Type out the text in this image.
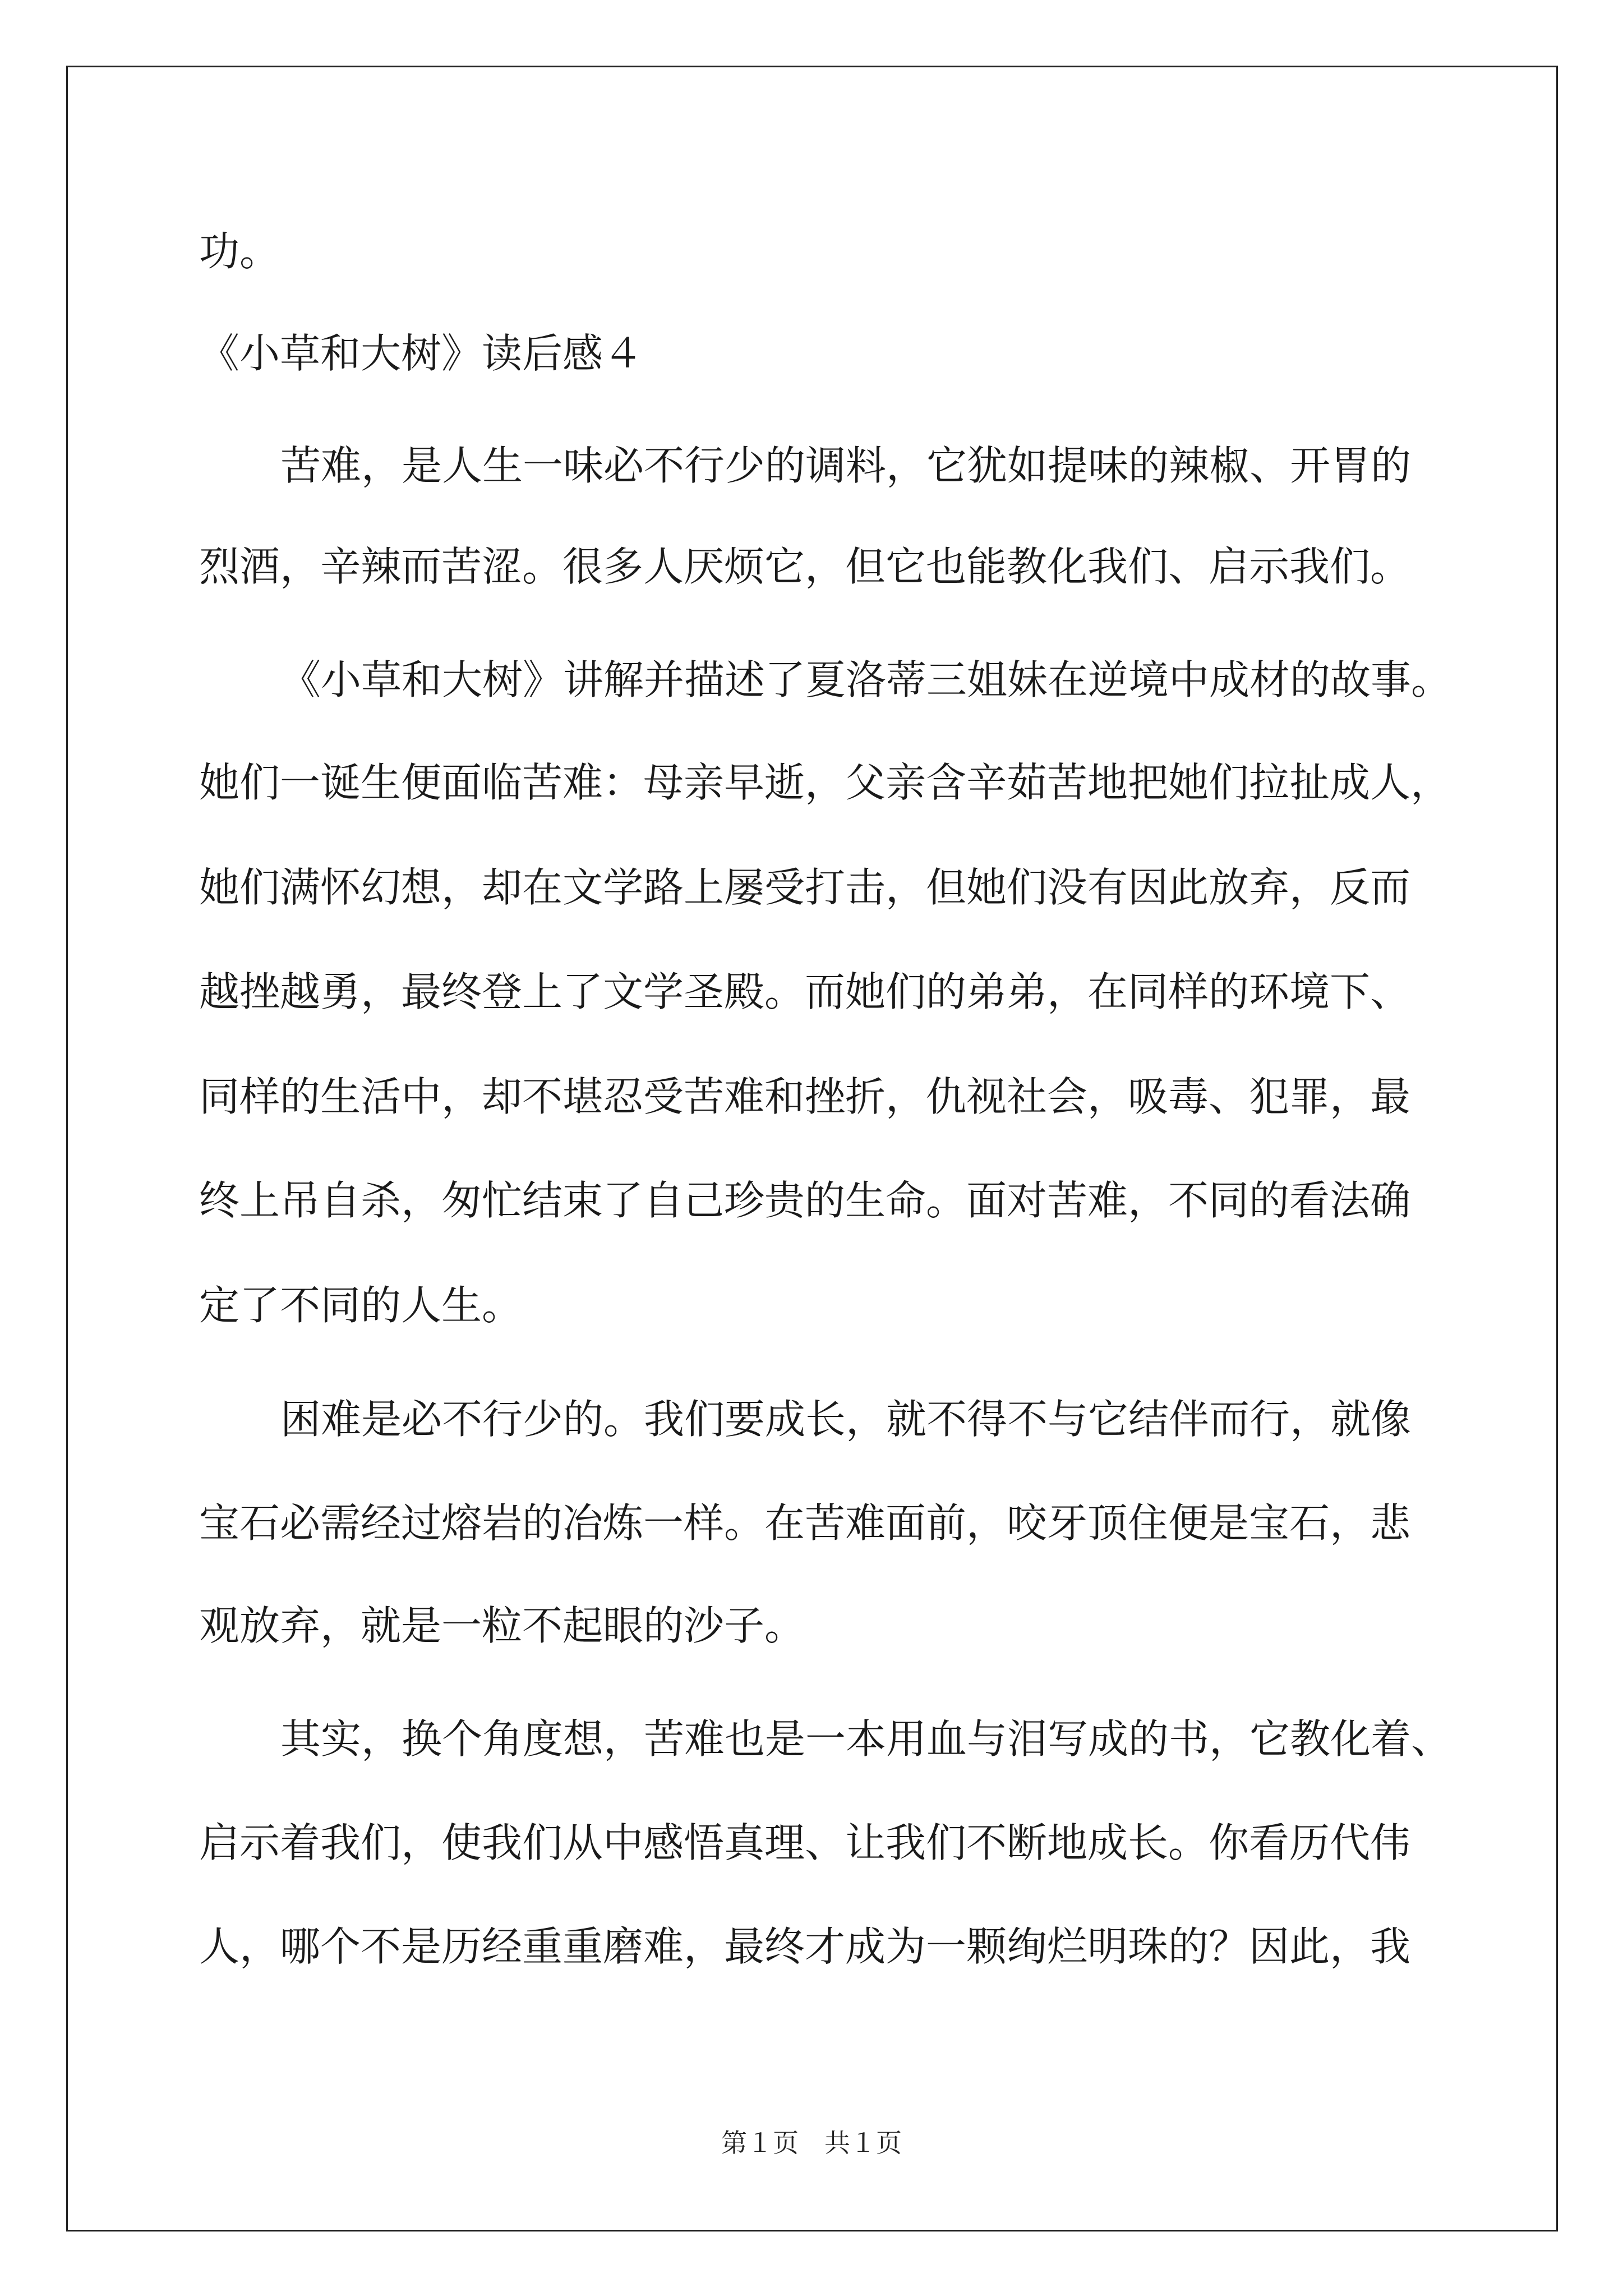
功。
《小草和大树》读后感４
苦难，是人生一味必不行少的调料，它犹如提味的辣椒、开胃的
烈酒，辛辣而苦涩。很多人厌烦它，但它也能教化我们、启示我们。
《小草和大树》讲解并描述了夏洛蒂三姐妹在逆境中成材的故事。
她们一诞生便面临苦难：母亲早逝，父亲含辛茹苦地把她们拉扯成人，
她们满怀幻想，却在文学路上屡受打击，但她们没有因此放弃，反而
越挫越勇，最终登上了文学圣殿。而她们的弟弟，在同样的环境下、
同样的生活中，却不堪忍受苦难和挫折，仇视社会，吸毒、犯罪，最
终上吊自杀，匆忙结束了自己珍贵的生命。面对苦难，不同的看法确
定了不同的人生。
困难是必不行少的。我们要成长，就不得不与它结伴而行，就像
宝石必需经过熔岩的冶炼一样。在苦难面前，咬牙顶住便是宝石，悲
观放弃，就是一粒不起眼的沙子。
其实，换个角度想，苦难也是一本用血与泪写成的书，它教化着、
启示着我们，使我们从中感悟真理、让我们不断地成长。你看历代伟
人，哪个不是历经重重磨难，最终才成为一颗绚烂明珠的？因此，我
第１页　共１页
